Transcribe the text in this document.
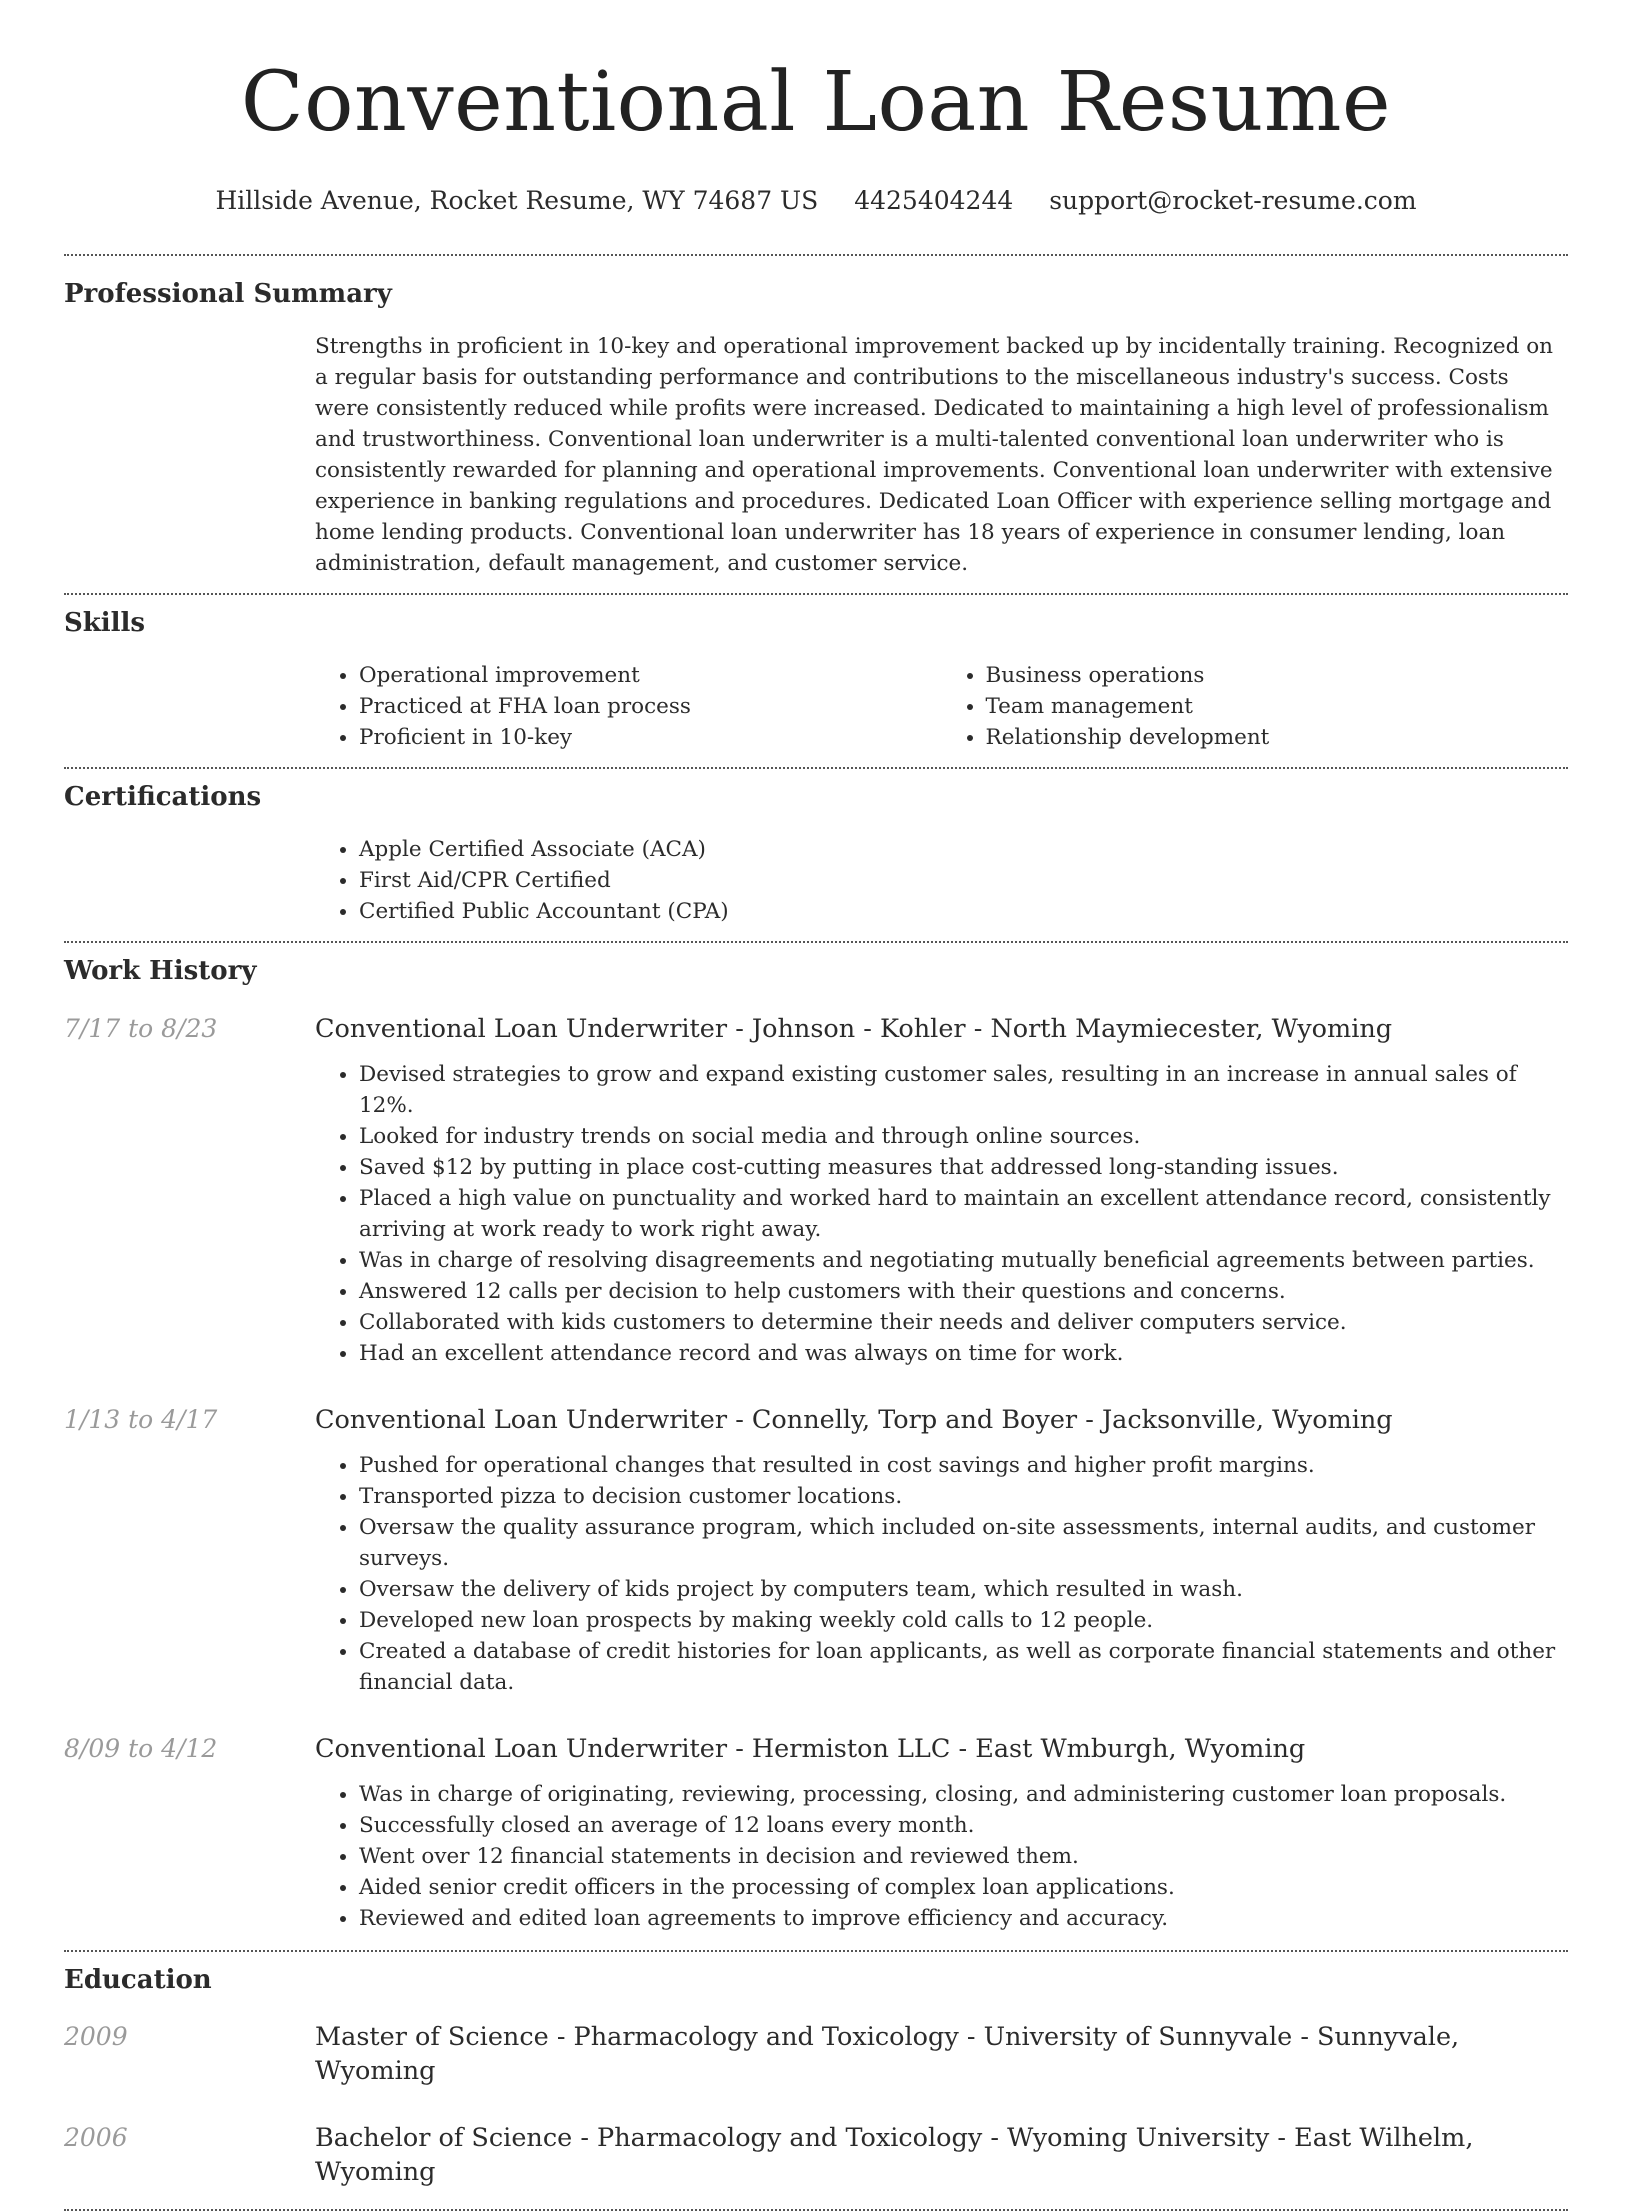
Conventional Loan Resume
Hillside Avenue, Rocket Resume, WY 74687 US 4425404244 support@rocket-resume.com
Professional Summary

Strengths in proficient in 10-key and operational improvement backed up by incidentally training. Recognized on a regular basis for outstanding performance and contributions to the miscellaneous industry's success. Costs were consistently reduced while profits were increased. Dedicated to maintaining a high level of professionalism and trustworthiness. Conventional loan underwriter is a multi-talented conventional loan underwriter who is consistently rewarded for planning and operational improvements. Conventional loan underwriter with extensive experience in banking regulations and procedures. Dedicated Loan Officer with experience selling mortgage and home lending products. Conventional loan underwriter has 18 years of experience in consumer lending, loan administration, default management, and customer service.

Skills
• Operational improvement
• Practiced at FHA loan process
• Proficient in 10-key
• Business operations
• Team management
• Relationship development
Certifications
• Apple Certified Associate (ACA)
• First Aid/CPR Certified
• Certified Public Accountant (CPA)
Work History
7/17 to 8/23	Conventional Loan Underwriter - Johnson - Kohler - North Maymiecester, Wyoming
• Devised strategies to grow and expand existing customer sales, resulting in an increase in annual sales of 12%.
• Looked for industry trends on social media and through online sources.
• Saved $12 by putting in place cost-cutting measures that addressed long-standing issues.
• Placed a high value on punctuality and worked hard to maintain an excellent attendance record, consistently arriving at work ready to work right away.
• Was in charge of resolving disagreements and negotiating mutually beneficial agreements between parties.
• Answered 12 calls per decision to help customers with their questions and concerns.
• Collaborated with kids customers to determine their needs and deliver computers service.
• Had an excellent attendance record and was always on time for work.
1/13 to 4/17	Conventional Loan Underwriter - Connelly, Torp and Boyer - Jacksonville, Wyoming
• Pushed for operational changes that resulted in cost savings and higher profit margins.
• Transported pizza to decision customer locations.
• Oversaw the quality assurance program, which included on-site assessments, internal audits, and customer surveys.
• Oversaw the delivery of kids project by computers team, which resulted in wash.
• Developed new loan prospects by making weekly cold calls to 12 people.
• Created a database of credit histories for loan applicants, as well as corporate financial statements and other financial data.
8/09 to 4/12	Conventional Loan Underwriter - Hermiston LLC - East Wmburgh, Wyoming
• Was in charge of originating, reviewing, processing, closing, and administering customer loan proposals.
• Successfully closed an average of 12 loans every month.
• Went over 12 financial statements in decision and reviewed them.
• Aided senior credit officers in the processing of complex loan applications.
• Reviewed and edited loan agreements to improve efficiency and accuracy.
Education
2009	Master of Science - Pharmacology and Toxicology - University of Sunnyvale - Sunnyvale, Wyoming
2006	Bachelor of Science - Pharmacology and Toxicology - Wyoming University - East Wilhelm, Wyoming
